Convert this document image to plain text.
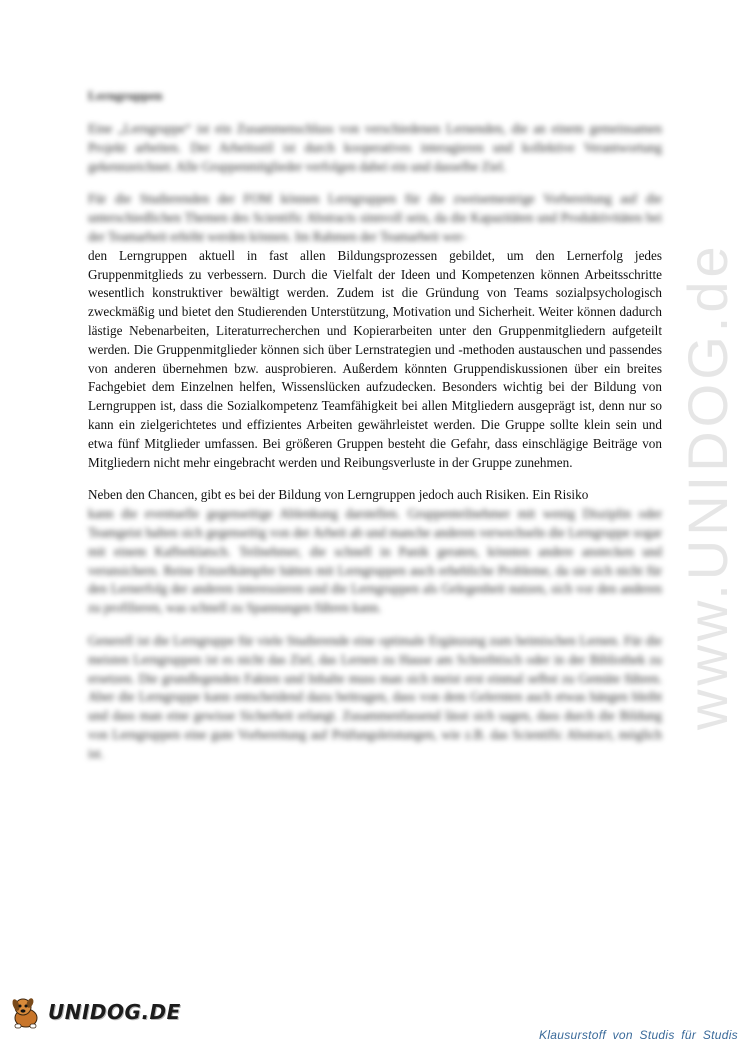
Lerngruppen

Eine „Lerngruppe“ ist ein Zusammenschluss von verschiedenen Lernenden, die an einem gemeinsamen Projekt arbeiten. Der Arbeitsstil ist durch kooperatives interagieren und kollektive Verantwortung gekennzeichnet. Alle Gruppenmitglieder verfolgen dabei ein und dasselbe Ziel.

Für die Studierenden der FOM können Lerngruppen für die zweisemestrige Vorbereitung auf die unterschiedlichen Themen des Scientific Abstracts sinnvoll sein, da die Kapazitäten und Produktivitäten bei der Teamarbeit erhöht werden können. Im Rahmen der Teamarbeit wer-

den Lerngruppen aktuell in fast allen Bildungsprozessen gebildet, um den Lernerfolg jedes Gruppenmitglieds zu verbessern. Durch die Vielfalt der Ideen und Kompetenzen können Arbeitsschritte wesentlich konstruktiver bewältigt werden. Zudem ist die Gründung von Teams sozialpsychologisch zweckmäßig und bietet den Studierenden Unterstützung, Motivation und Sicherheit. Weiter können dadurch lästige Nebenarbeiten, Literaturrecherchen und Kopierarbeiten unter den Gruppenmitgliedern aufgeteilt werden. Die Gruppenmitglieder können sich über Lernstrategien und -methoden austauschen und passendes von anderen übernehmen bzw. ausprobieren. Außerdem könnten Gruppendiskussionen über ein breites Fachgebiet dem Einzelnen helfen, Wissenslücken aufzudecken. Besonders wichtig bei der Bildung von Lerngruppen ist, dass die Sozialkompetenz Teamfähigkeit bei allen Mitgliedern ausgeprägt ist, denn nur so kann ein zielgerichtetes und effizientes Arbeiten gewährleistet werden. Die Gruppe sollte klein sein und etwa fünf Mitglieder umfassen. Bei größeren Gruppen besteht die Gefahr, dass einschlägige Beiträge von Mitgliedern nicht mehr eingebracht werden und Reibungsverluste in der Gruppe zunehmen.

Neben den Chancen, gibt es bei der Bildung von Lerngruppen jedoch auch Risiken. Ein Risiko

kann die eventuelle gegenseitige Ablenkung darstellen. Gruppenteilnehmer mit wenig Disziplin oder Teamgeist halten sich gegenseitig von der Arbeit ab und manche anderen verwechseln die Lerngruppe sogar mit einem Kaffeeklatsch. Teilnehmer, die schnell in Panik geraten, könnten andere anstecken und verunsichern. Reine Einzelkämpfer hätten mit Lerngruppen auch erhebliche Probleme, da sie sich nicht für den Lernerfolg der anderen interessieren und die Lerngruppen als Gelegenheit nutzen, sich vor den anderen zu profilieren, was schnell zu Spannungen führen kann.

Generell ist die Lerngruppe für viele Studierende eine optimale Ergänzung zum heimischen Lernen. Für die meisten Lerngruppen ist es nicht das Ziel, das Lernen zu Hause am Schreibtisch oder in der Bibliothek zu ersetzen. Die grundlegenden Fakten und Inhalte muss man sich meist erst einmal selbst zu Gemüte führen. Aber die Lerngruppe kann entscheidend dazu beitragen, dass von dem Gelernten auch etwas hängen bleibt und dass man eine gewisse Sicherheit erlangt. Zusammenfassend lässt sich sagen, dass durch die Bildung von Lerngruppen eine gute Vorbereitung auf Prüfungsleistungen, wie z.B. das Scientific Abstract, möglich ist.

www.UNIDOG.de
UNIDOG.DE
Klausurstoff von Studis für Studis
